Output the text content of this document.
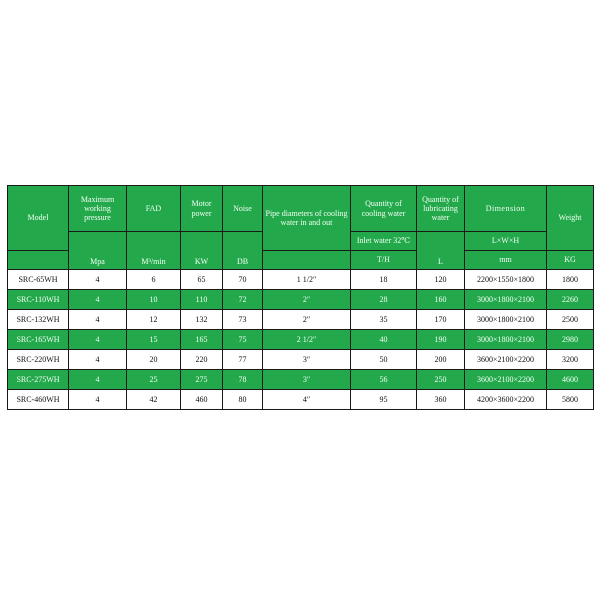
Model	Maximum working pressure	FAD	Motor power	Noise	Pipe diameters of cooling water in and out	Quantity of cooling water	Quantity of lubricating water	Dimension	Weight
	Mpa	M³/min	KW	DB		Inlet water 32℃	L	L×W×H	
						T/H		mm	KG
SRC-65WH	4	6	65	70	1 1/2″	18	120	2200×1550×1800	1800
SRC-110WH	4	10	110	72	2″	28	160	3000×1800×2100	2260
SRC-132WH	4	12	132	73	2″	35	170	3000×1800×2100	2500
SRC-165WH	4	15	165	75	2 1/2″	40	190	3000×1800×2100	2980
SRC-220WH	4	20	220	77	3″	50	200	3600×2100×2200	3200
SRC-275WH	4	25	275	78	3″	56	250	3600×2100×2200	4600
SRC-460WH	4	42	460	80	4″	95	360	4200×3600×2200	5800
